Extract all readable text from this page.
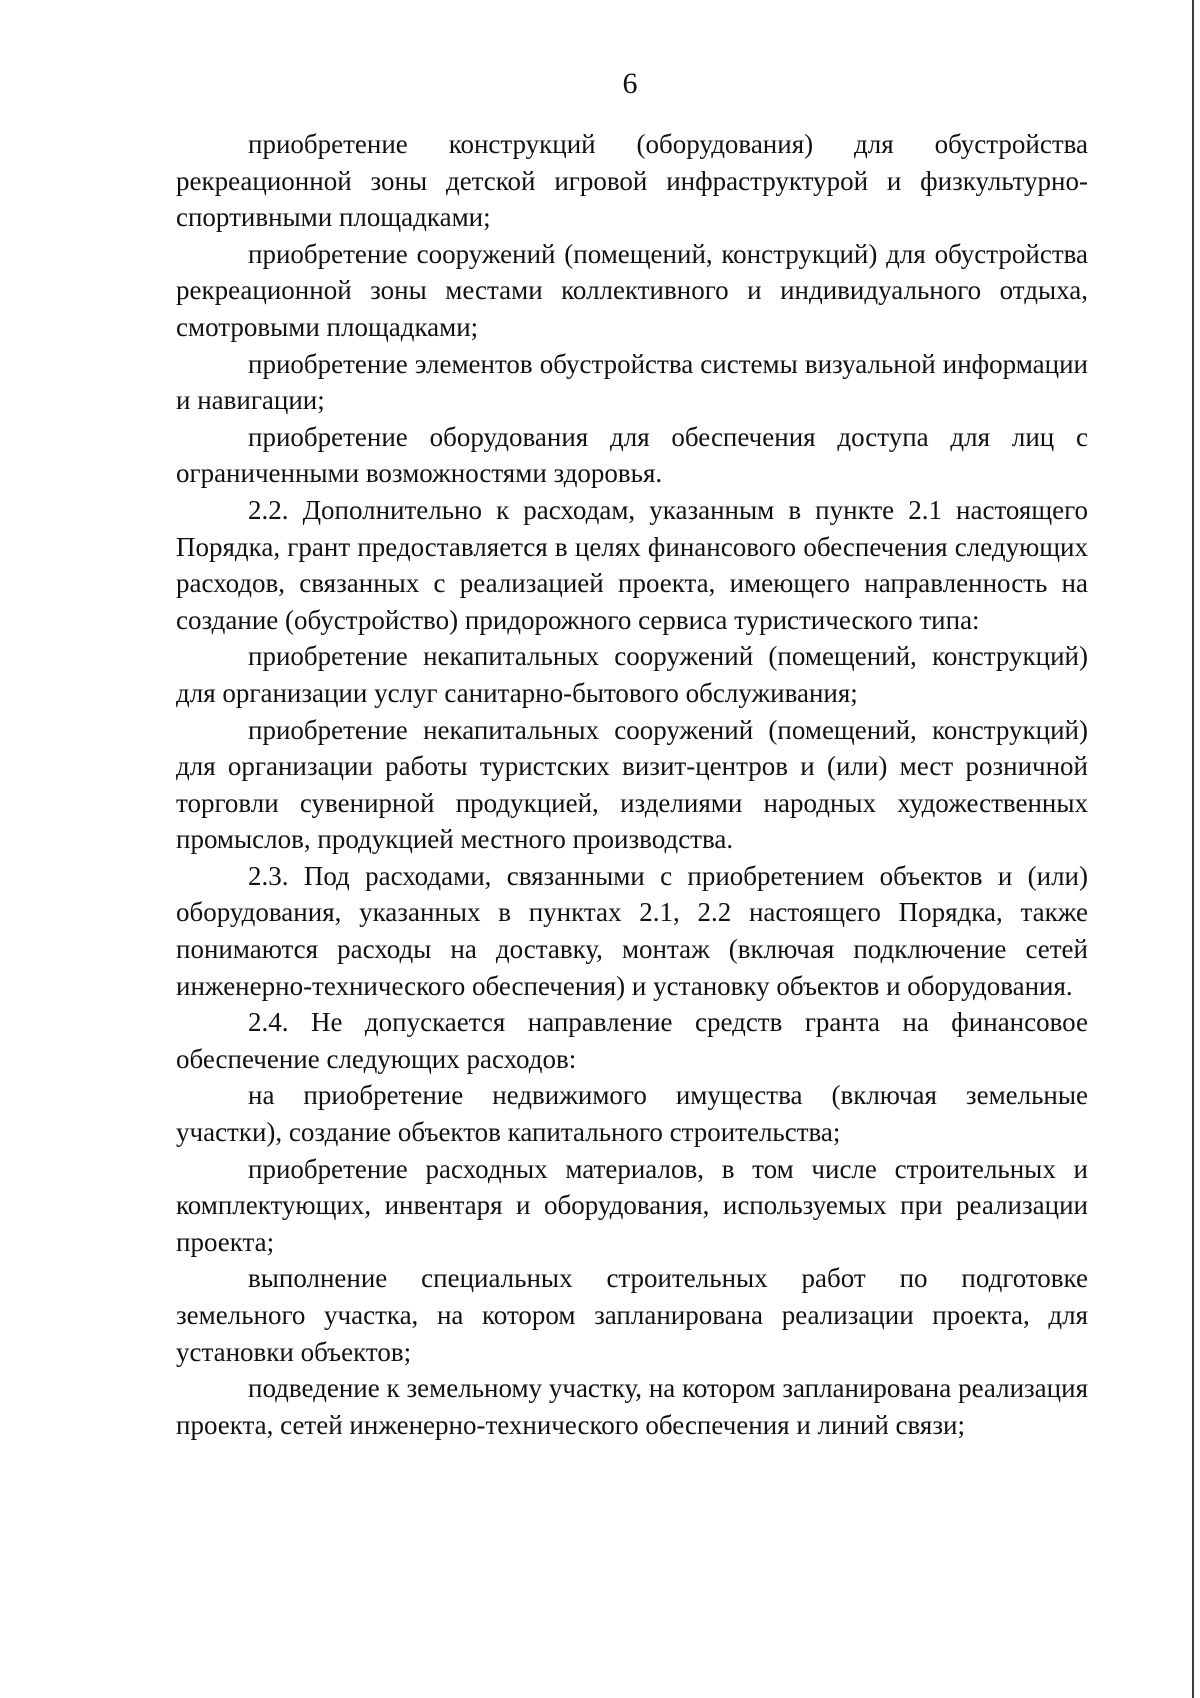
6

приобретение конструкций (оборудования) для обустройства рекреационной зоны детской игровой инфраструктурой и физкультурно-спортивными площадками;

приобретение сооружений (помещений, конструкций) для обустройства рекреационной зоны местами коллективного и индивидуального отдыха, смотровыми площадками;

приобретение элементов обустройства системы визуальной информации и навигации;

приобретение оборудования для обеспечения доступа для лиц с ограниченными возможностями здоровья.

2.2. Дополнительно к расходам, указанным в пункте 2.1 настоящего Порядка, грант предоставляется в целях финансового обеспечения следующих расходов, связанных с реализацией проекта, имеющего направленность на создание (обустройство) придорожного сервиса туристического типа:

приобретение некапитальных сооружений (помещений, конструкций) для организации услуг санитарно-бытового обслуживания;

приобретение некапитальных сооружений (помещений, конструкций) для организации работы туристских визит-центров и (или) мест розничной торговли сувенирной продукцией, изделиями народных художественных промыслов, продукцией местного производства.

2.3. Под расходами, связанными с приобретением объектов и (или) оборудования, указанных в пунктах 2.1, 2.2 настоящего Порядка, также понимаются расходы на доставку, монтаж (включая подключение сетей инженерно-технического обеспечения) и установку объектов и оборудования.

2.4. Не допускается направление средств гранта на финансовое обеспечение следующих расходов:

на приобретение недвижимого имущества (включая земельные участки), создание объектов капитального строительства;

приобретение расходных материалов, в том числе строительных и комплектующих, инвентаря и оборудования, используемых при реализации проекта;

выполнение специальных строительных работ по подготовке земельного участка, на котором запланирована реализации проекта, для установки объектов;

подведение к земельному участку, на котором запланирована реализация проекта, сетей инженерно-технического обеспечения и линий связи;
